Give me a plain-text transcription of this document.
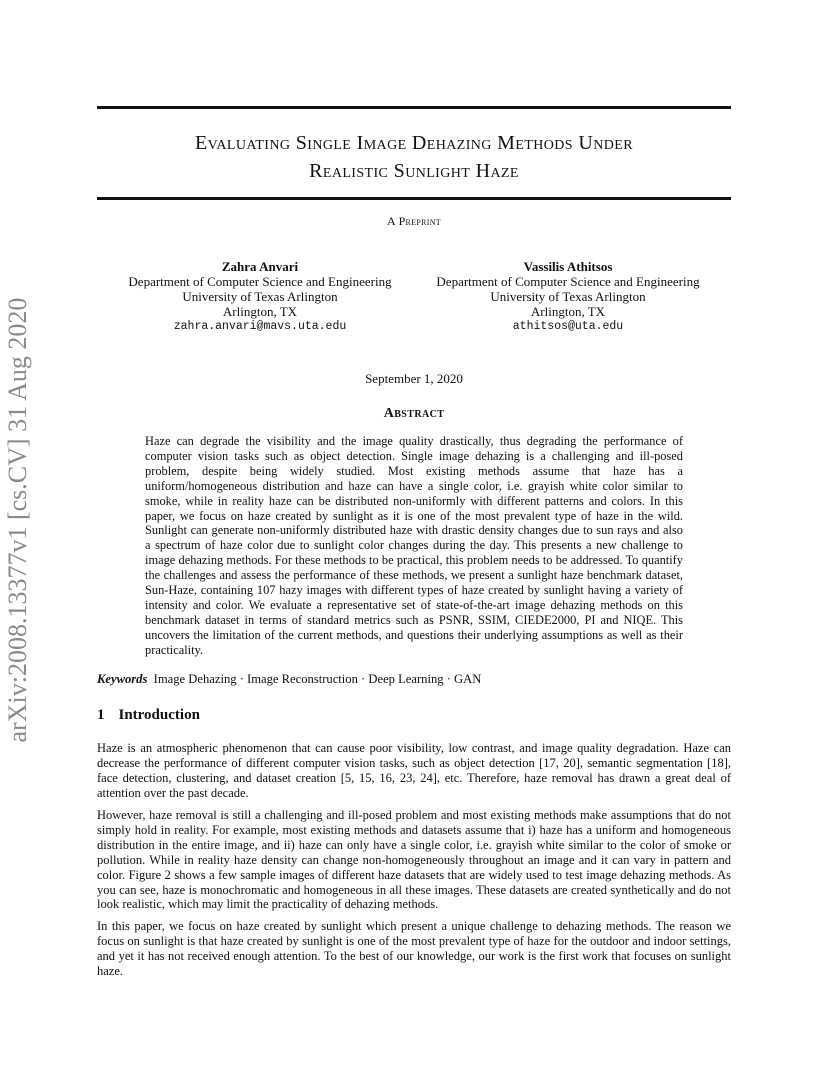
arXiv:2008.13377v1 [cs.CV] 31 Aug 2020
Evaluating Single Image Dehazing Methods Under
Realistic Sunlight Haze
A Preprint
Zahra Anvari
Department of Computer Science and Engineering
University of Texas Arlington
Arlington, TX
zahra.anvari@mavs.uta.edu
Vassilis Athitsos
Department of Computer Science and Engineering
University of Texas Arlington
Arlington, TX
athitsos@uta.edu
September 1, 2020
Abstract

Haze can degrade the visibility and the image quality drastically, thus degrading the performance of computer vision tasks such as object detection. Single image dehazing is a challenging and ill-posed problem, despite being widely studied. Most existing methods assume that haze has a uniform/homogeneous distribution and haze can have a single color, i.e. grayish white color similar to smoke, while in reality haze can be distributed non-uniformly with different patterns and colors. In this paper, we focus on haze created by sunlight as it is one of the most prevalent type of haze in the wild. Sunlight can generate non-uniformly distributed haze with drastic density changes due to sun rays and also a spectrum of haze color due to sunlight color changes during the day. This presents a new challenge to image dehazing methods. For these methods to be practical, this problem needs to be addressed. To quantify the challenges and assess the performance of these methods, we present a sunlight haze benchmark dataset, Sun-Haze, containing 107 hazy images with different types of haze created by sunlight having a variety of intensity and color. We evaluate a representative set of state-of-the-art image dehazing methods on this benchmark dataset in terms of standard metrics such as PSNR, SSIM, CIEDE2000, PI and NIQE. This uncovers the limitation of the current methods, and questions their underlying assumptions as well as their practicality.

Keywords Image Dehazing · Image Reconstruction · Deep Learning · GAN
1 Introduction

Haze is an atmospheric phenomenon that can cause poor visibility, low contrast, and image quality degradation. Haze can decrease the performance of different computer vision tasks, such as object detection [17, 20], semantic segmentation [18], face detection, clustering, and dataset creation [5, 15, 16, 23, 24], etc. Therefore, haze removal has drawn a great deal of attention over the past decade.

However, haze removal is still a challenging and ill-posed problem and most existing methods make assumptions that do not simply hold in reality. For example, most existing methods and datasets assume that i) haze has a uniform and homogeneous distribution in the entire image, and ii) haze can only have a single color, i.e. grayish white similar to the color of smoke or pollution. While in reality haze density can change non-homogeneously throughout an image and it can vary in pattern and color. Figure 2 shows a few sample images of different haze datasets that are widely used to test image dehazing methods. As you can see, haze is monochromatic and homogeneous in all these images. These datasets are created synthetically and do not look realistic, which may limit the practicality of dehazing methods.

In this paper, we focus on haze created by sunlight which present a unique challenge to dehazing methods. The reason we focus on sunlight is that haze created by sunlight is one of the most prevalent type of haze for the outdoor and indoor settings, and yet it has not received enough attention. To the best of our knowledge, our work is the first work that focuses on sunlight haze.
